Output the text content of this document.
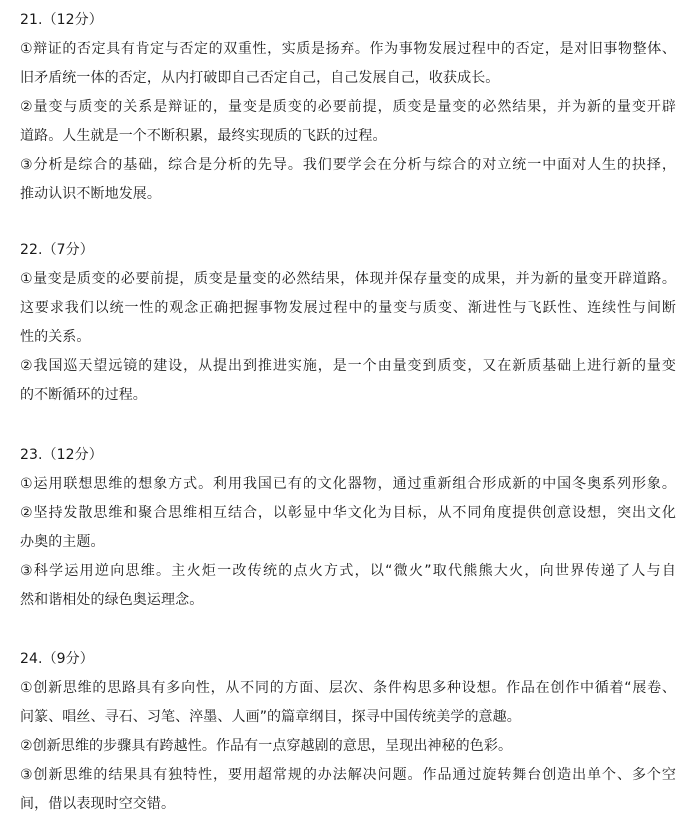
21.（12分）
①辩证的否定具有肯定与否定的双重性，实质是扬弃。作为事物发展过程中的否定，是对旧事物整体、
旧矛盾统一体的否定，从内打破即自己否定自己，自己发展自己，收获成长。
②量变与质变的关系是辩证的，量变是质变的必要前提，质变是量变的必然结果，并为新的量变开辟
道路。人生就是一个不断积累，最终实现质的飞跃的过程。
③分析是综合的基础，综合是分析的先导。我们要学会在分析与综合的对立统一中面对人生的抉择，
推动认识不断地发展。
22.（7分）
①量变是质变的必要前提，质变是量变的必然结果，体现并保存量变的成果，并为新的量变开辟道路。
这要求我们以统一性的观念正确把握事物发展过程中的量变与质变、渐进性与飞跃性、连续性与间断
性的关系。
②我国巡天望远镜的建设，从提出到推进实施，是一个由量变到质变，又在新质基础上进行新的量变
的不断循环的过程。
23.（12分）
①运用联想思维的想象方式。利用我国已有的文化器物，通过重新组合形成新的中国冬奥系列形象。
②坚持发散思维和聚合思维相互结合，以彰显中华文化为目标，从不同角度提供创意设想，突出文化
办奥的主题。
③科学运用逆向思维。主火炬一改传统的点火方式，以“微火”取代熊熊大火，向世界传递了人与自
然和谐相处的绿色奥运理念。
24.（9分）
①创新思维的思路具有多向性，从不同的方面、层次、条件构思多种设想。作品在创作中循着“展卷、
问篆、唱丝、寻石、习笔、淬墨、人画”的篇章纲目，探寻中国传统美学的意趣。
②创新思维的步骤具有跨越性。作品有一点穿越剧的意思，呈现出神秘的色彩。
③创新思维的结果具有独特性，要用超常规的办法解决问题。作品通过旋转舞台创造出单个、多个空
间，借以表现时空交错。
